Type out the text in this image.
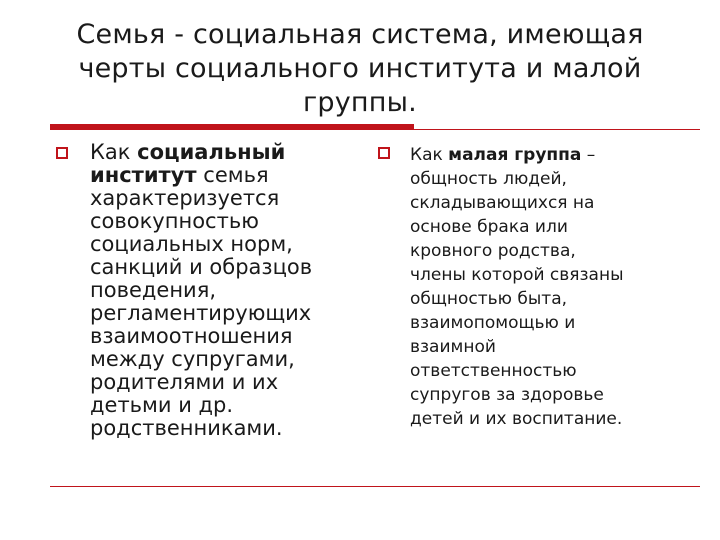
Семья - социальная система, имеющая
черты социального института и малой
группы.
Как социальный
институт семья
характеризуется
совокупностью
социальных норм,
санкций и образцов
поведения,
регламентирующих
взаимоотношения
между супругами,
родителями и их
детьми и др.
родственниками.
Как малая группа –
общность людей,
складывающихся на
основе брака или
кровного родства,
члены которой связаны
общностью быта,
взаимопомощью и
взаимной
ответственностью
супругов за здоровье
детей и их воспитание.
